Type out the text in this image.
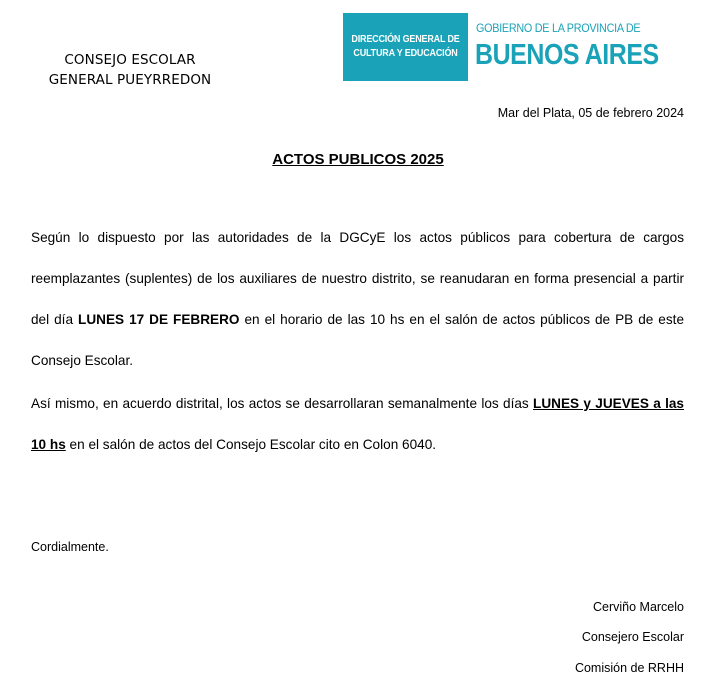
CONSEJO ESCOLAR
GENERAL PUEYRREDON
DIRECCIÓN GENERAL DE
CULTURA Y EDUCACIÓN
GOBIERNO DE LA PROVINCIA DE
BUENOS AIRES
Mar del Plata, 05 de febrero 2024
ACTOS PUBLICOS 2025

Según lo dispuesto por las autoridades de la DGCyE los actos públicos para cobertura de cargos reemplazantes (suplentes) de los auxiliares de nuestro distrito, se reanudaran en forma presencial a partir del día LUNES 17 DE FEBRERO en el horario de las 10 hs en el salón de actos públicos de PB de este Consejo Escolar.

Así mismo, en acuerdo distrital, los actos se desarrollaran semanalmente los días LUNES y JUEVES a las 10 hs en el salón de actos del Consejo Escolar cito en Colon 6040.

Cordialmente.
Cerviño Marcelo
Consejero Escolar
Comisión de RRHH
